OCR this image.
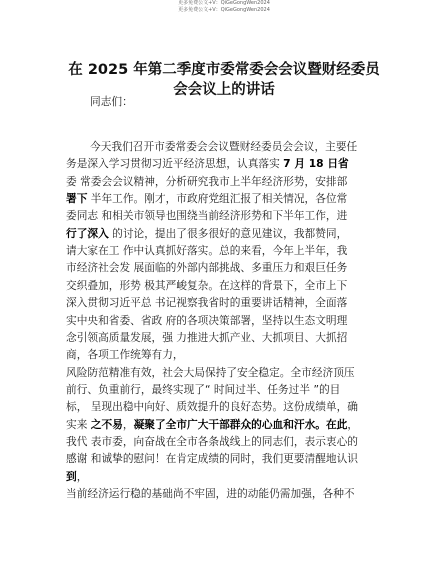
更多免费公文+V：QiGeGongWen2024
更多免费公文+V：QiGeGongWen2024
在 2025 年第二季度市委常委会会议暨财经委员
会会议上的讲话
同志们：
今天我们召开市委常委会会议暨财经委员会会议，主要任
务是深入学习贯彻习近平经济思想，认真落实 7 月 18 日省
委 常委会会议精神，分析研究我市上半年经济形势，安排部
署下 半年工作。刚才，市政府党组汇报了相关情况，各位常
委同志 和相关市领导也围绕当前经济形势和下半年工作，进
行了深入 的讨论，提出了很多很好的意见建议，我都赞同，
请大家在工 作中认真抓好落实。总的来看，今年上半年，我
市经济社会发 展面临的外部内部挑战、多重压力和艰巨任务
交织叠加，形势 极其严峻复杂。在这样的背景下，全市上下
深入贯彻习近平总 书记视察我省时的重要讲话精神，全面落
实中央和省委、省政 府的各项决策部署，坚持以生态文明理
念引领高质量发展，强 力推进大抓产业、大抓项目、大抓招
商，各项工作统筹有力，
风险防范精准有效，社会大局保持了安全稳定。全市经济顶压
前行、负重前行，最终实现了“ 时间过半、任务过半 ”的目
标， 呈现出稳中向好、质效提升的良好态势。这份成绩单，确
实来 之不易，凝聚了全市广大干部群众的心血和汗水。在此，
我代 表市委，向奋战在全市各条战线上的同志们，表示衷心的
感谢 和诚挚的慰问！在肯定成绩的同时，我们更要清醒地认识
到，
当前经济运行稳的基础尚不牢固，进的动能仍需加强，各种不
